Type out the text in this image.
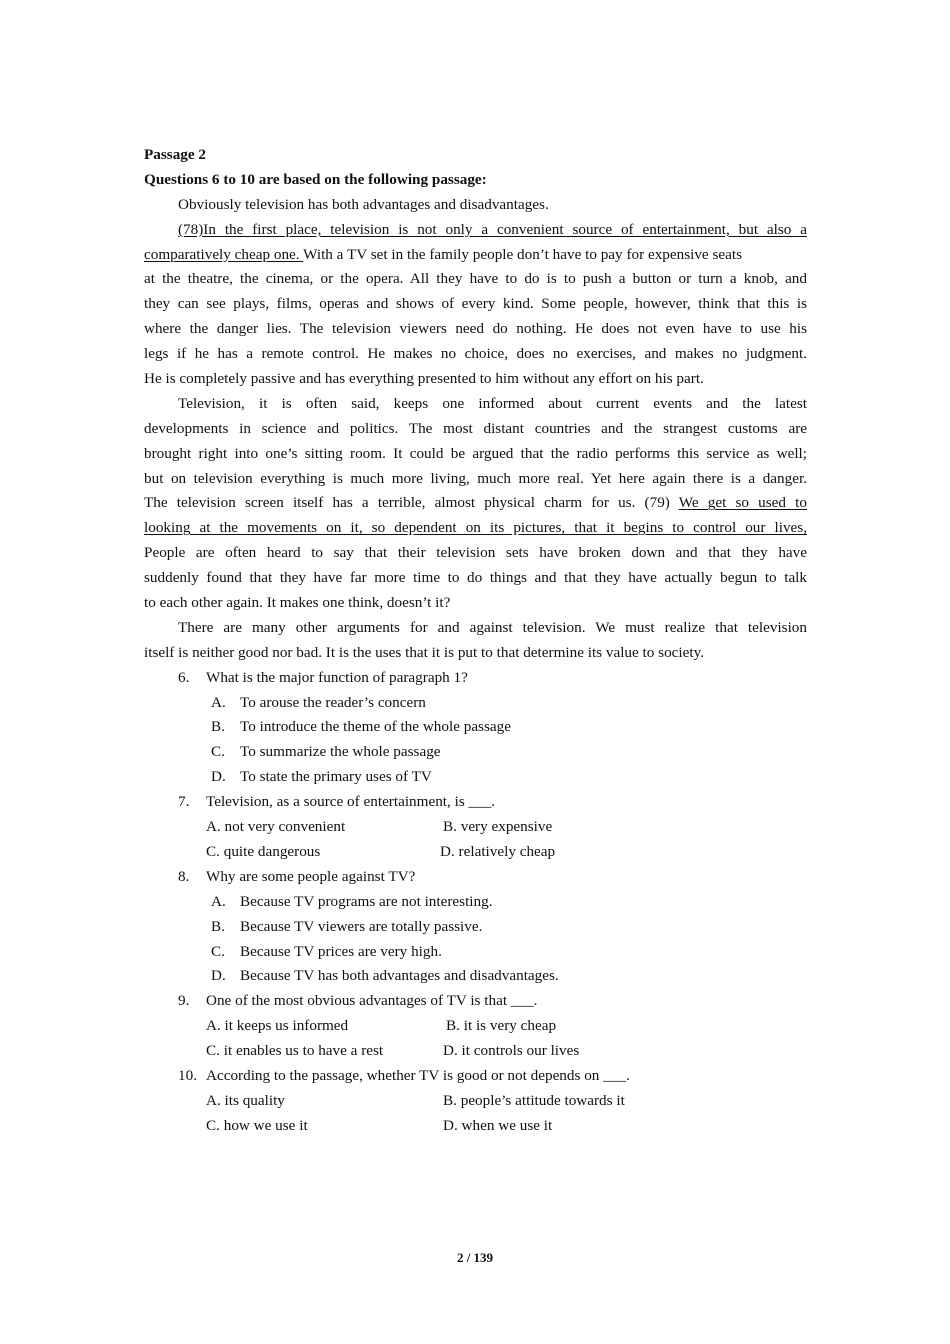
Passage 2
Questions 6 to 10 are based on the following passage:
Obviously television has both advantages and disadvantages.
(78)In the first place, television is not only a convenient source of entertainment, but also a
comparatively cheap one. With a TV set in the family people don’t have to pay for expensive seats
at the theatre, the cinema, or the opera. All they have to do is to push a button or turn a knob, and
they can see plays, films, operas and shows of every kind. Some people, however, think that this is
where the danger lies. The television viewers need do nothing. He does not even have to use his
legs if he has a remote control. He makes no choice, does no exercises, and makes no judgment.
He is completely passive and has everything presented to him without any effort on his part.
Television, it is often said, keeps one informed about current events and the latest
developments in science and politics. The most distant countries and the strangest customs are
brought right into one’s sitting room. It could be argued that the radio performs this service as well;
but on television everything is much more living, much more real. Yet here again there is a danger.
The television screen itself has a terrible, almost physical charm for us. (79) We get so used to
looking at the movements on it, so dependent on its pictures, that it begins to control our lives,
People are often heard to say that their television sets have broken down and that they have
suddenly found that they have far more time to do things and that they have actually begun to talk
to each other again. It makes one think, doesn’t it?
There are many other arguments for and against television. We must realize that television
itself is neither good nor bad. It is the uses that it is put to that determine its value to society.
6. What is the major function of paragraph 1?
A. To arouse the reader’s concern
B. To introduce the theme of the whole passage
C. To summarize the whole passage
D. To state the primary uses of TV
7. Television, as a source of entertainment, is ___.
A. not very convenient	B. very expensive
C. quite dangerous	D. relatively cheap
8. Why are some people against TV?
A. Because TV programs are not interesting.
B. Because TV viewers are totally passive.
C. Because TV prices are very high.
D. Because TV has both advantages and disadvantages.
9. One of the most obvious advantages of TV is that ___.
A. it keeps us informed	B. it is very cheap
C. it enables us to have a rest	D. it controls our lives
10. According to the passage, whether TV is good or not depends on ___.
A. its quality	B. people’s attitude towards it
C. how we use it	D. when we use it
2 / 139
